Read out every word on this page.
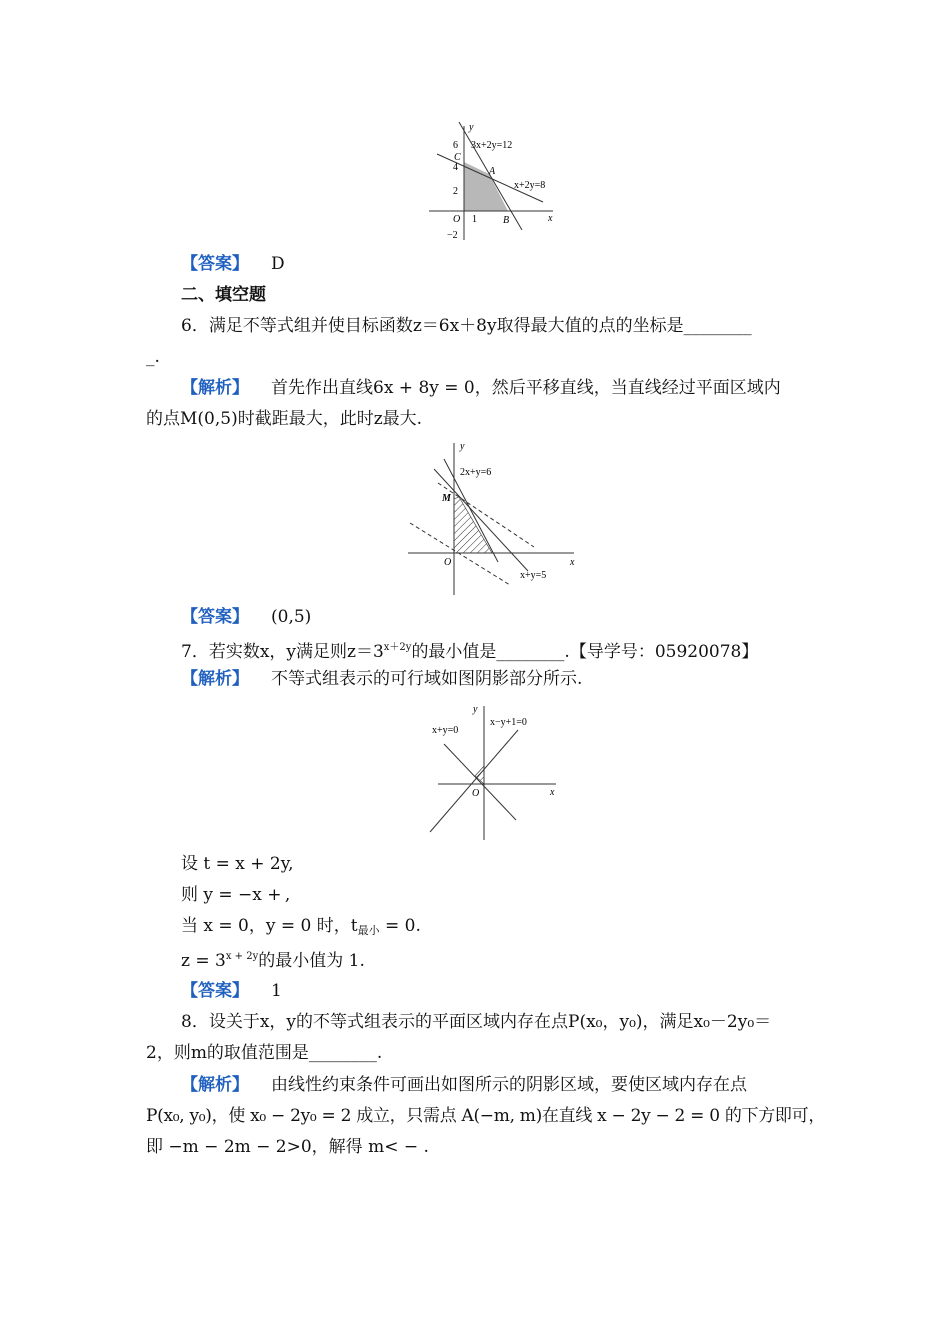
y
x
6
4
2
O 1	B
−2
C
A
3x+2y=12
x+2y=8
【答案】 D
二、填空题
6．满足不等式组并使目标函数z＝6x＋8y取得最大值的点的坐标是________
_.
【解析】 首先作出直线6x + 8y = 0，然后平移直线，当直线经过平面区域内
的点M(0,5)时截距最大，此时z最大.
y
x
O
M
2x+y=6
x+y=5
【答案】 (0,5)
7．若实数x，y满足则$z=3^{x+2y}$的最小值是________.【导学号：05920078】
【解析】 不等式组表示的可行域如图阴影部分所示.
y
x
O
x+y=0
x−y+1=0
设 t = x + 2y,
则 y = −x + ,
当 x = 0，y = 0 时，$t_{最小} = 0$.
$z = 3^{x + 2y}$的最小值为 1.
【答案】 1
8．设关于x，y的不等式组表示的平面区域内存在点P(x₀，y₀)，满足x₀－2y₀＝
2，则m的取值范围是________.
【解析】 由线性约束条件可画出如图所示的阴影区域，要使区域内存在点
P(x₀, y₀)，使 x₀ − 2y₀ = 2 成立，只需点 A(−m, m)在直线 x − 2y − 2 = 0 的下方即可，
即 −m − 2m − 2>0，解得 m< − .
